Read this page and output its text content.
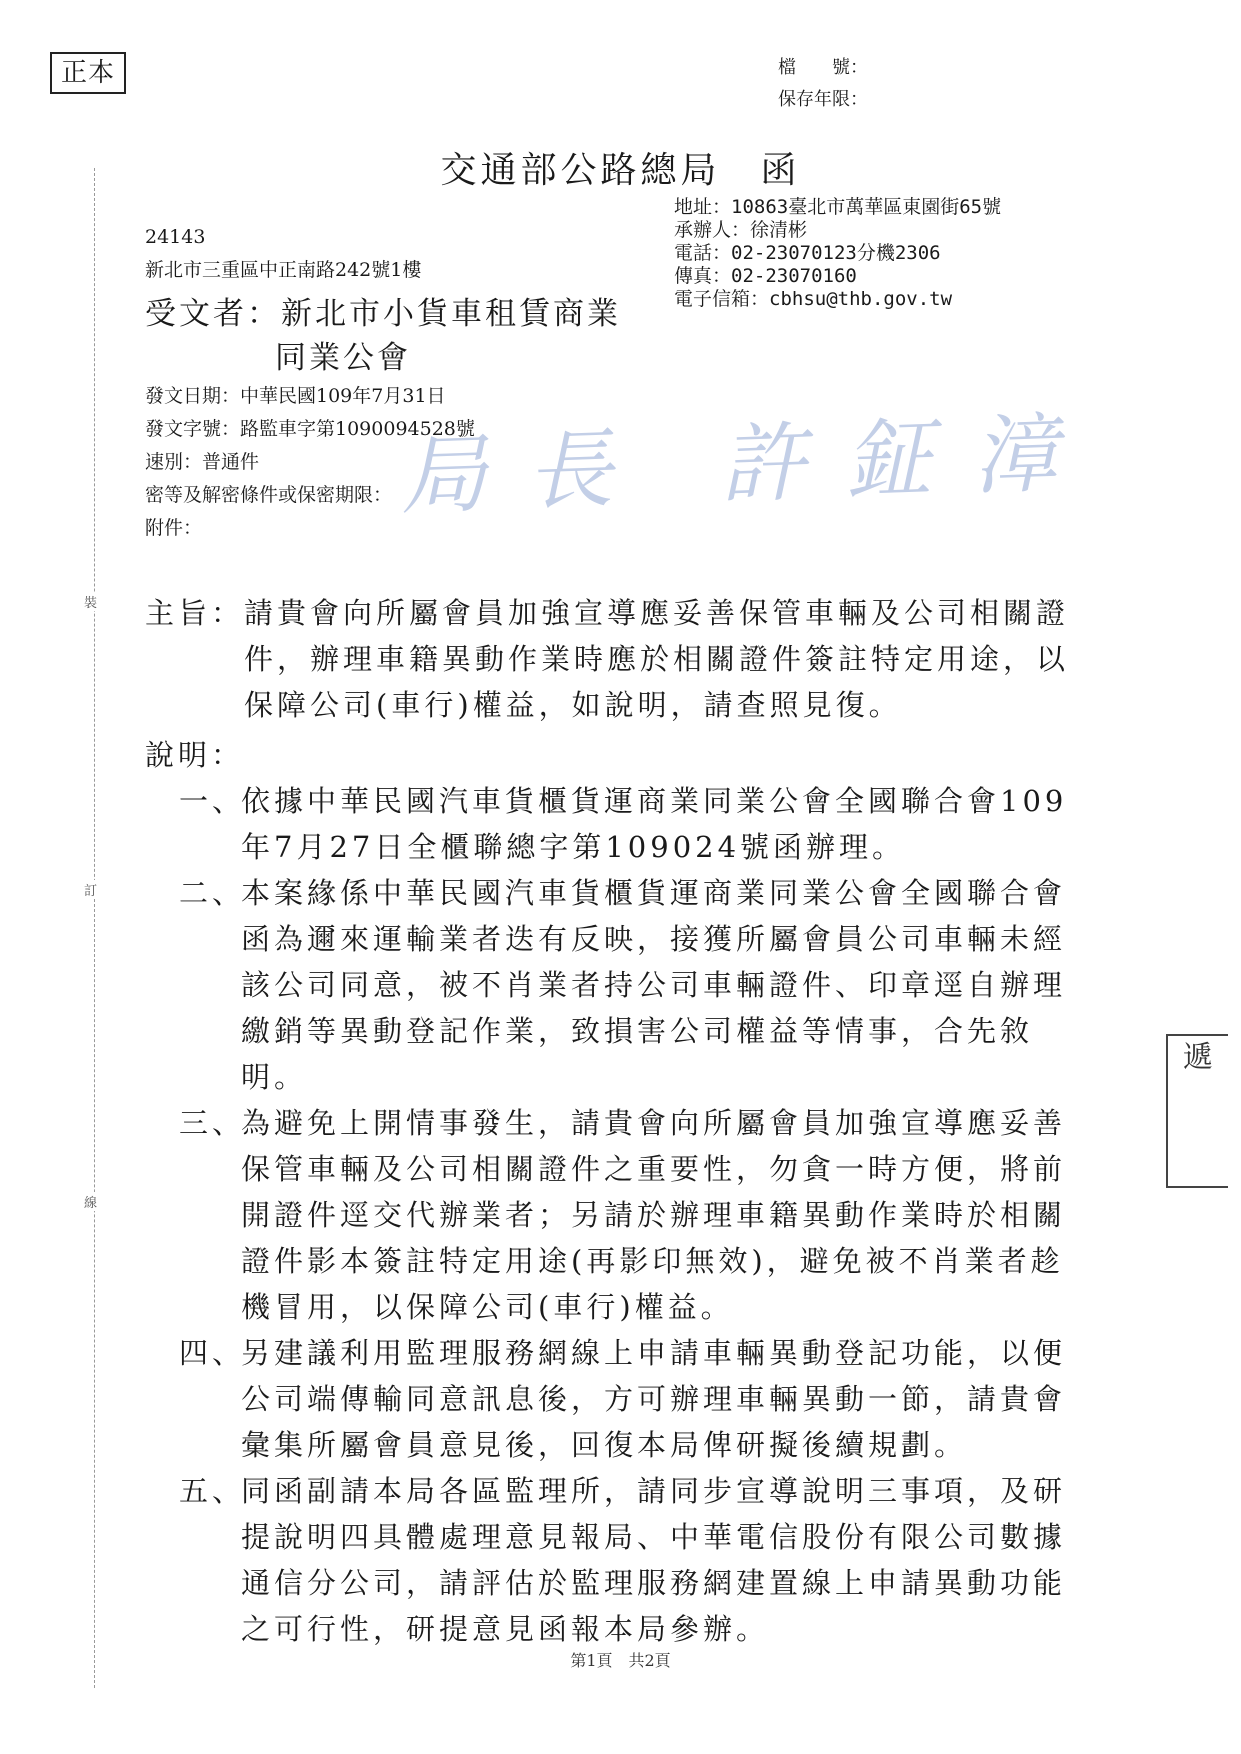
正本	檔　　號：
保存年限：
交通部公路總局　函
地址：10863臺北市萬華區東園街65號
承辦人：徐清彬
電話：02-23070123分機2306
傳真：02-23070160
電子信箱：cbhsu@thb.gov.tw
24143
新北市三重區中正南路242號1樓
受文者：新北市小貨車租賃商業
同業公會
發文日期：中華民國109年7月31日
發文字號：路監車字第1090094528號
速別：普通件
密等及解密條件或保密期限：
附件：
局長 許鉦漳
裝
訂
線
主旨： 請貴會向所屬會員加強宣導應妥善保管車輛及公司相關證件，辦理車籍異動作業時應於相關證件簽註特定用途，以保障公司(車行)權益，如說明，請查照見復。
說明：
一、
依據中華民國汽車貨櫃貨運商業同業公會全國聯合會109年7月27日全櫃聯總字第109024號函辦理。
二、
本案緣係中華民國汽車貨櫃貨運商業同業公會全國聯合會函為邇來運輸業者迭有反映，接獲所屬會員公司車輛未經該公司同意，被不肖業者持公司車輛證件、印章逕自辦理繳銷等異動登記作業，致損害公司權益等情事，合先敘明。
三、
為避免上開情事發生，請貴會向所屬會員加強宣導應妥善保管車輛及公司相關證件之重要性，勿貪一時方便，將前開證件逕交代辦業者；另請於辦理車籍異動作業時於相關證件影本簽註特定用途(再影印無效)，避免被不肖業者趁機冒用，以保障公司(車行)權益。
四、
另建議利用監理服務網線上申請車輛異動登記功能，以便公司端傳輸同意訊息後，方可辦理車輛異動一節，請貴會彙集所屬會員意見後，回復本局俾研擬後續規劃。
五、
同函副請本局各區監理所，請同步宣導說明三事項，及研提說明四具體處理意見報局、中華電信股份有限公司數據通信分公司，請評估於監理服務網建置線上申請異動功能之可行性，研提意見函報本局參辦。
遞
第1頁　共2頁
